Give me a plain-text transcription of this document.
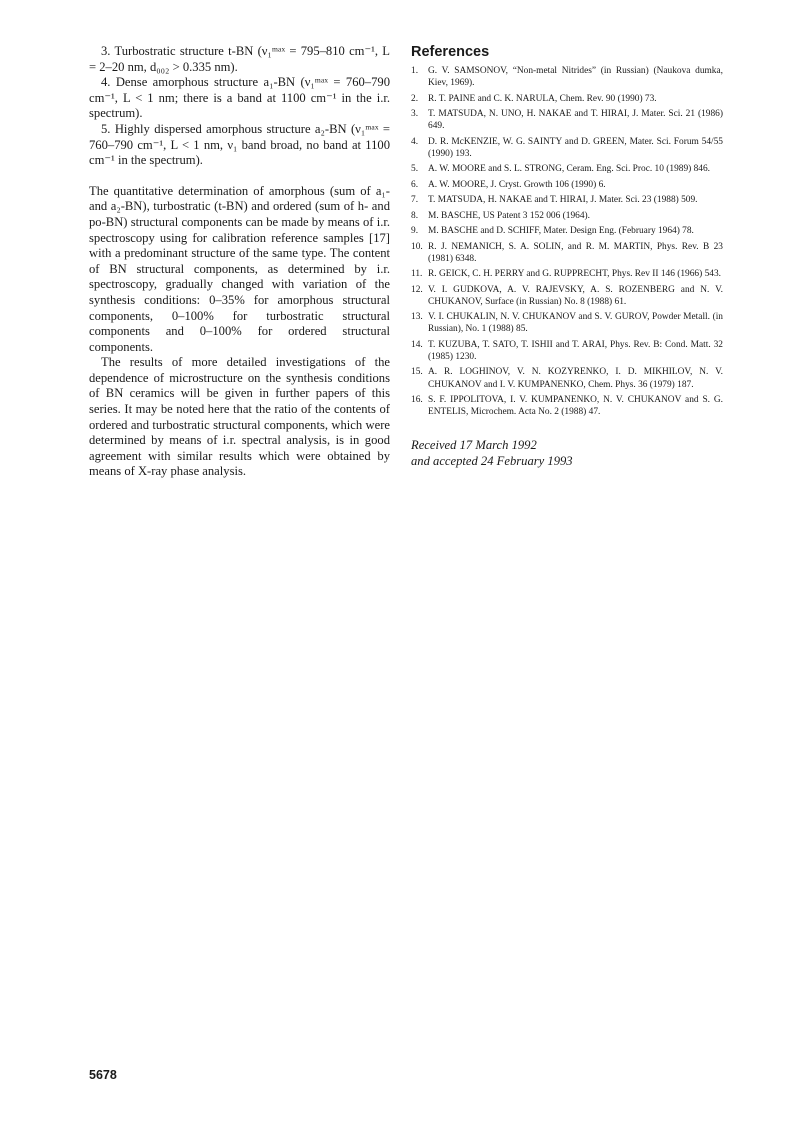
3. Turbostratic structure t-BN (ν₁ᵐᵃˣ = 795–810 cm⁻¹, L = 2–20 nm, d₀₀₂ > 0.335 nm).

4. Dense amorphous structure a₁-BN (ν₁ᵐᵃˣ = 760–790 cm⁻¹, L < 1 nm; there is a band at 1100 cm⁻¹ in the i.r. spectrum).

5. Highly dispersed amorphous structure a₂-BN (ν₁ᵐᵃˣ = 760–790 cm⁻¹, L < 1 nm, ν₁ band broad, no band at 1100 cm⁻¹ in the spectrum).

The quantitative determination of amorphous (sum of a₁- and a₂-BN), turbostratic (t-BN) and ordered (sum of h- and po-BN) structural components can be made by means of i.r. spectroscopy using for calibration reference samples [17] with a predominant structure of the same type. The content of BN structural components, as determined by i.r. spectroscopy, gradually changed with variation of the synthesis conditions: 0–35% for amorphous structural components, 0–100% for turbostratic structural components and 0–100% for ordered structural components.

The results of more detailed investigations of the dependence of microstructure on the synthesis conditions of BN ceramics will be given in further papers of this series. It may be noted here that the ratio of the contents of ordered and turbostratic structural components, which were determined by means of i.r. spectral analysis, is in good agreement with similar results which were obtained by means of X-ray phase analysis.

References
1.	G. V. SAMSONOV, “Non-metal Nitrides” (in Russian) (Naukova dumka, Kiev, 1969).
2.	R. T. PAINE and C. K. NARULA, Chem. Rev. 90 (1990) 73.
3.	T. MATSUDA, N. UNO, H. NAKAE and T. HIRAI, J. Mater. Sci. 21 (1986) 649.
4.	D. R. McKENZIE, W. G. SAINTY and D. GREEN, Mater. Sci. Forum 54/55 (1990) 193.
5.	A. W. MOORE and S. L. STRONG, Ceram. Eng. Sci. Proc. 10 (1989) 846.
6.	A. W. MOORE, J. Cryst. Growth 106 (1990) 6.
7.	T. MATSUDA, H. NAKAE and T. HIRAI, J. Mater. Sci. 23 (1988) 509.
8.	M. BASCHE, US Patent 3 152 006 (1964).
9.	M. BASCHE and D. SCHIFF, Mater. Design Eng. (February 1964) 78.
10. R. J. NEMANICH, S. A. SOLIN, and R. M. MARTIN, Phys. Rev. B 23 (1981) 6348.
11. R. GEICK, C. H. PERRY and G. RUPPRECHT, Phys. Rev II 146 (1966) 543.
12. V. I. GUDKOVA, A. V. RAJEVSKY, A. S. ROZENBERG and N. V. CHUKANOV, Surface (in Russian) No. 8 (1988) 61.
13. V. I. CHUKALIN, N. V. CHUKANOV and S. V. GUROV, Powder Metall. (in Russian), No. 1 (1988) 85.
14. T. KUZUBA, T. SATO, T. ISHII and T. ARAI, Phys. Rev. B: Cond. Matt. 32 (1985) 1230.
15. A. R. LOGHINOV, V. N. KOZYRENKO, I. D. MIKHILOV, N. V. CHUKANOV and I. V. KUMPANENKO, Chem. Phys. 36 (1979) 187.
16. S. F. IPPOLITOVA, I. V. KUMPANENKO, N. V. CHUKANOV and S. G. ENTELIS, Microchem. Acta No. 2 (1988) 47.
Received 17 March 1992
and accepted 24 February 1993
5678
